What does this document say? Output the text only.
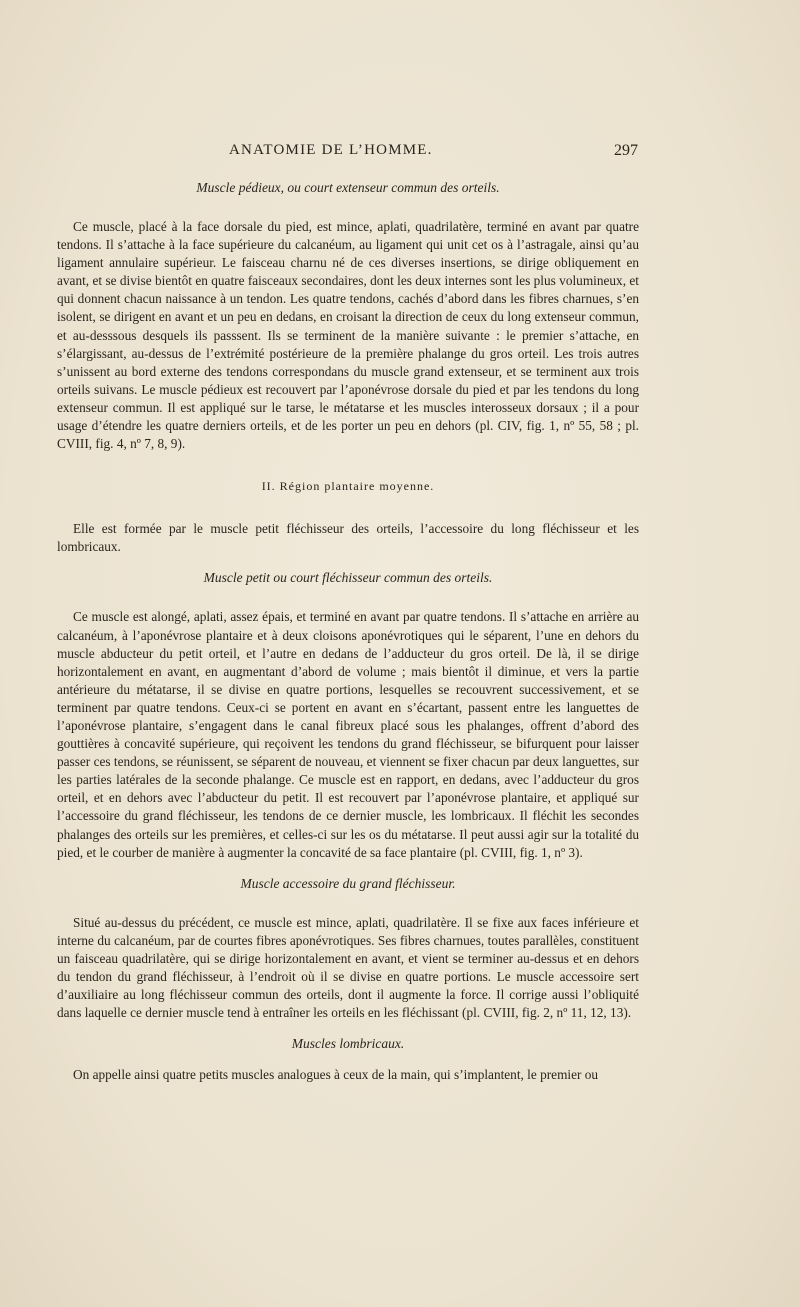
ANATOMIE DE L’HOMME.	297

Muscle pédieux, ou court extenseur commun des orteils.

Ce muscle, placé à la face dorsale du pied, est mince, aplati, quadrilatère, terminé en avant par quatre tendons. Il s’attache à la face supérieure du calcanéum, au ligament qui unit cet os à l’astragale, ainsi qu’au ligament annulaire supérieur. Le faisceau charnu né de ces diverses insertions, se dirige obliquement en avant, et se divise bientôt en quatre faisceaux secondaires, dont les deux internes sont les plus volumineux, et qui donnent chacun naissance à un tendon. Les quatre tendons, cachés d’abord dans les fibres charnues, s’en isolent, se dirigent en avant et un peu en dedans, en croisant la direction de ceux du long extenseur commun, et au-desssous desquels ils passsent. Ils se terminent de la manière suivante : le premier s’attache, en s’élargissant, au-dessus de l’extrémité postérieure de la première phalange du gros orteil. Les trois autres s’unissent au bord externe des tendons correspondans du muscle grand extenseur, et se terminent aux trois orteils suivans. Le muscle pédieux est recouvert par l’aponévrose dorsale du pied et par les tendons du long extenseur commun. Il est appliqué sur le tarse, le métatarse et les muscles interosseux dorsaux ; il a pour usage d’étendre les quatre derniers orteils, et de les porter un peu en dehors (pl. CIV, fig. 1, nº 55, 58 ; pl. CVIII, fig. 4, nº 7, 8, 9).

II. Région plantaire moyenne.

Elle est formée par le muscle petit fléchisseur des orteils, l’accessoire du long fléchisseur et les lombricaux.

Muscle petit ou court fléchisseur commun des orteils.

Ce muscle est alongé, aplati, assez épais, et terminé en avant par quatre tendons. Il s’attache en arrière au calcanéum, à l’aponévrose plantaire et à deux cloisons aponévrotiques qui le séparent, l’une en dehors du muscle abducteur du petit orteil, et l’autre en dedans de l’adducteur du gros orteil. De là, il se dirige horizontalement en avant, en augmentant d’abord de volume ; mais bientôt il diminue, et vers la partie antérieure du métatarse, il se divise en quatre portions, lesquelles se recouvrent successivement, et se terminent par quatre tendons. Ceux-ci se portent en avant en s’écartant, passent entre les languettes de l’aponévrose plantaire, s’engagent dans le canal fibreux placé sous les phalanges, offrent d’abord des gouttières à concavité supérieure, qui reçoivent les tendons du grand fléchisseur, se bifurquent pour laisser passer ces tendons, se réunissent, se séparent de nouveau, et viennent se fixer chacun par deux languettes, sur les parties latérales de la seconde phalange. Ce muscle est en rapport, en dedans, avec l’adducteur du gros orteil, et en dehors avec l’abducteur du petit. Il est recouvert par l’aponévrose plantaire, et appliqué sur l’accessoire du grand fléchisseur, les tendons de ce dernier muscle, les lombricaux. Il fléchit les secondes phalanges des orteils sur les premières, et celles-ci sur les os du métatarse. Il peut aussi agir sur la totalité du pied, et le courber de manière à augmenter la concavité de sa face plantaire (pl. CVIII, fig. 1, nº 3).

Muscle accessoire du grand fléchisseur.

Situé au-dessus du précédent, ce muscle est mince, aplati, quadrilatère. Il se fixe aux faces inférieure et interne du calcanéum, par de courtes fibres aponévrotiques. Ses fibres charnues, toutes parallèles, constituent un faisceau quadrilatère, qui se dirige horizontalement en avant, et vient se terminer au-dessus et en dehors du tendon du grand fléchisseur, à l’endroit où il se divise en quatre portions. Le muscle accessoire sert d’auxiliaire au long fléchisseur commun des orteils, dont il augmente la force. Il corrige aussi l’obliquité dans laquelle ce dernier muscle tend à entraîner les orteils en les fléchissant (pl. CVIII, fig. 2, nº 11, 12, 13).

Muscles lombricaux.

On appelle ainsi quatre petits muscles analogues à ceux de la main, qui s’implantent, le premier ou
